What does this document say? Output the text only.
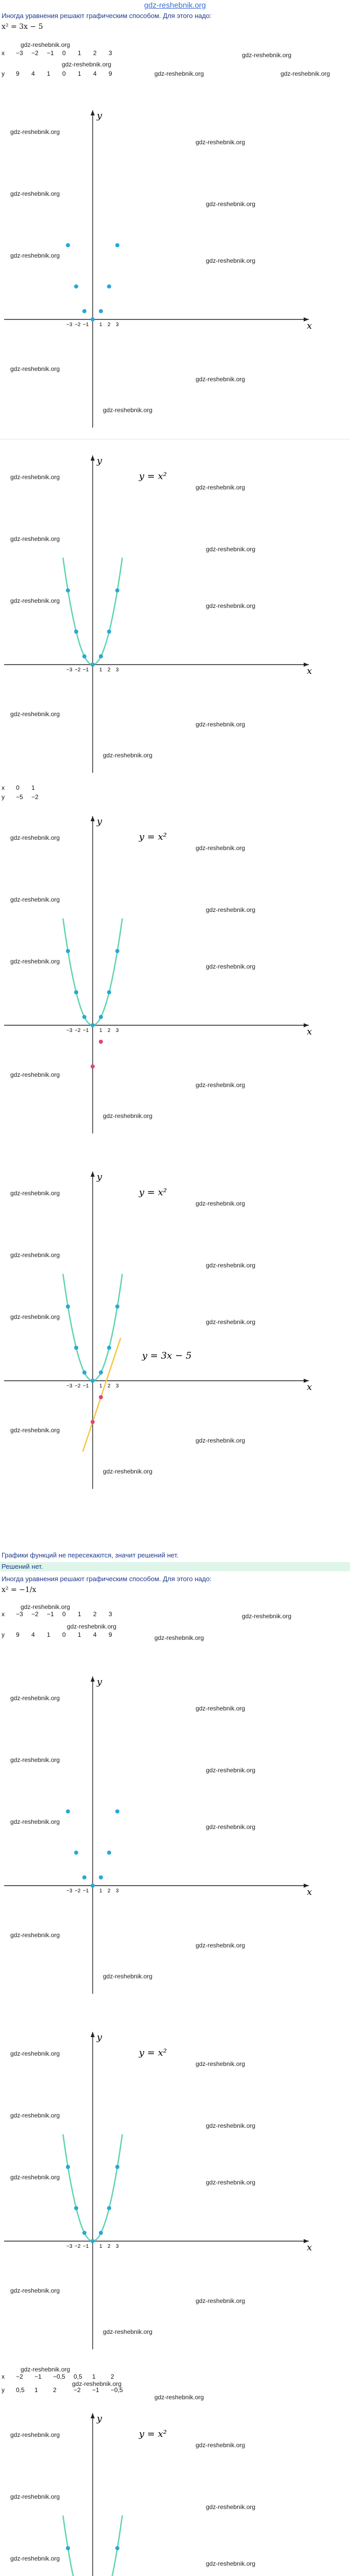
gdz-reshebnik.org
Иногда уравнения решают графическим способом. Для этого надо:
x² = 3x − 5
x −3 −2 −1 0 1 2 3
y 9 4 1 0 1 4 9
gdz-reshebnik.org
gdz-reshebnik.org
gdz-reshebnik.org
gdz-reshebnik.org
gdz-reshebnik.org
x
y
−3 −2 −1 1 2 3
gdz-reshebnik.org
gdz-reshebnik.org
gdz-reshebnik.org
gdz-reshebnik.org
gdz-reshebnik.org
gdz-reshebnik.org
gdz-reshebnik.org
gdz-reshebnik.org
gdz-reshebnik.org
x
y
−3 −2 −1 1 2 3
gdz-reshebnik.org
gdz-reshebnik.org
gdz-reshebnik.org
gdz-reshebnik.org
gdz-reshebnik.org
gdz-reshebnik.org
gdz-reshebnik.org
gdz-reshebnik.org
gdz-reshebnik.org
y = x²
x 0 1
y −5 −2
x
y
−3 −2 −1 1 2 3
gdz-reshebnik.org
gdz-reshebnik.org
gdz-reshebnik.org
gdz-reshebnik.org
gdz-reshebnik.org
gdz-reshebnik.org
gdz-reshebnik.org
gdz-reshebnik.org
gdz-reshebnik.org
y = x²
x
y
−3 −2 −1 1 2 3
gdz-reshebnik.org
gdz-reshebnik.org
gdz-reshebnik.org
gdz-reshebnik.org
gdz-reshebnik.org
gdz-reshebnik.org
gdz-reshebnik.org
gdz-reshebnik.org
gdz-reshebnik.org
y = x²
y = 3x − 5
Графики функций не пересекаются, значит решений нет.
Решений нет.
Иногда уравнения решают графическим способом. Для этого надо:
x² = −1/x
x −3 −2 −1 0 1 2 3
y 9 4 1 0 1 4 9
gdz-reshebnik.org
gdz-reshebnik.org
gdz-reshebnik.org
gdz-reshebnik.org
x
y
−3 −2 −1 1 2 3
gdz-reshebnik.org
gdz-reshebnik.org
gdz-reshebnik.org
gdz-reshebnik.org
gdz-reshebnik.org
gdz-reshebnik.org
gdz-reshebnik.org
gdz-reshebnik.org
gdz-reshebnik.org
x
y
−3 −2 −1 1 2 3
gdz-reshebnik.org
gdz-reshebnik.org
gdz-reshebnik.org
gdz-reshebnik.org
gdz-reshebnik.org
gdz-reshebnik.org
gdz-reshebnik.org
gdz-reshebnik.org
gdz-reshebnik.org
y = x²
x −2 −1 −0,5 0,5 1 2
y 0,5 1 2	−2 −1 −0,5
gdz-reshebnik.org
gdz-reshebnik.org
gdz-reshebnik.org
y
gdz-reshebnik.org
gdz-reshebnik.org
gdz-reshebnik.org
gdz-reshebnik.org
gdz-reshebnik.org
gdz-reshebnik.org
y = x²
